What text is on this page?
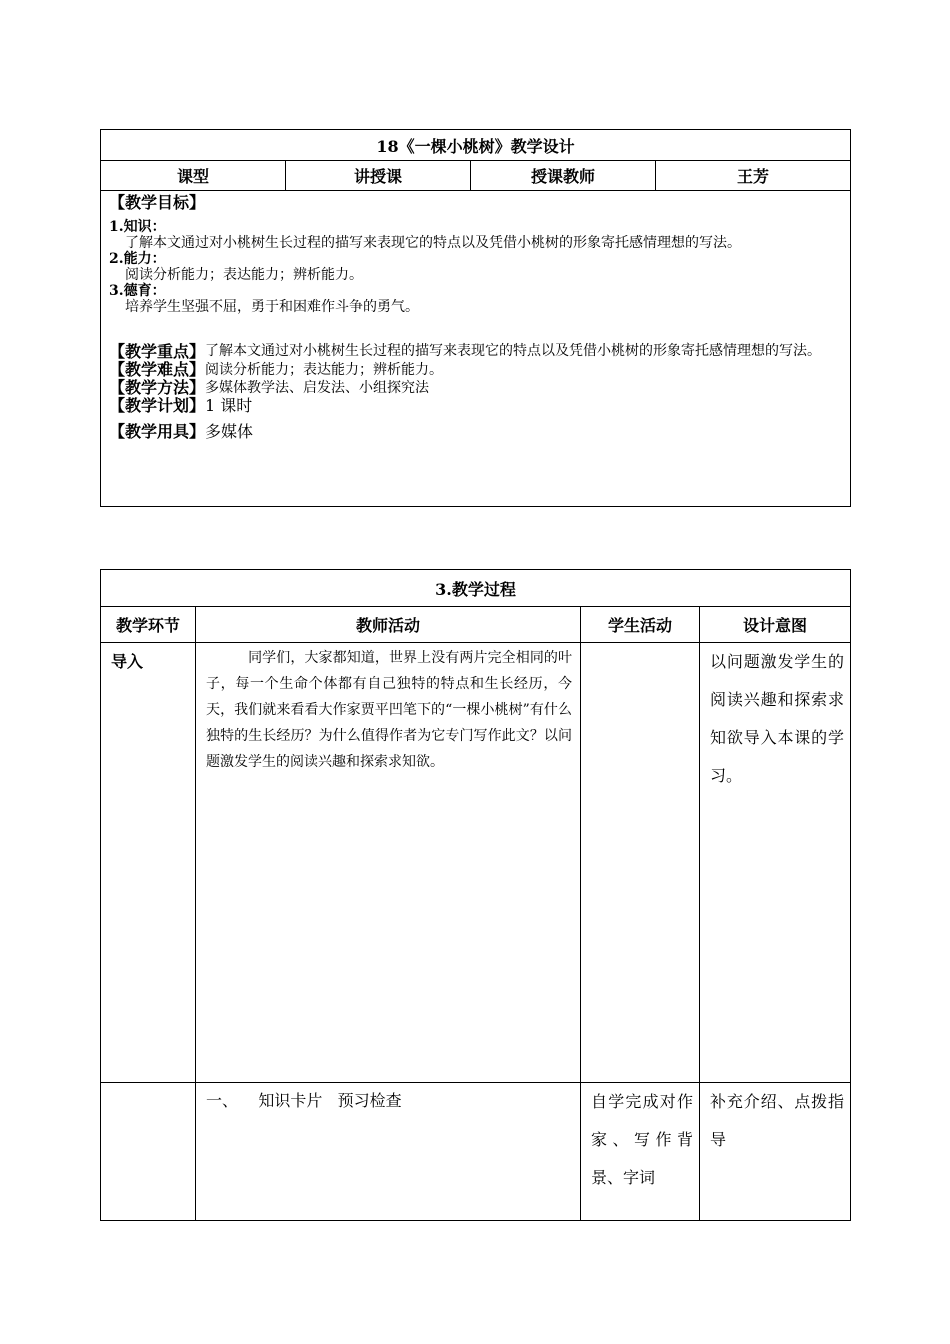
18《一棵小桃树》教学设计
课型	讲授课	授课教师	王芳

【教学目标】
1.知识：
了解本文通过对小桃树生长过程的描写来表现它的特点以及凭借小桃树的形象寄托感情理想的写法。
2.能力：
阅读分析能力；表达能力；辨析能力。
3.德育：
培养学生坚强不屈，勇于和困难作斗争的勇气。
【教学重点】 了解本文通过对小桃树生长过程的描写来表现它的特点以及凭借小桃树的形象寄托感情理想的写法。
【教学难点】 阅读分析能力；表达能力；辨析能力。
【教学方法】 多媒体教学法、启发法、小组探究法
【教学计划】 1 课时
【教学用具】 多媒体
3.教学过程			
教学环节	教师活动	学生活动	设计意图

导入	同学们，大家都知道，世界上没有两片完全相同的叶子，每一个生命个体都有自己独特的特点和生长经历，今天，我们就来看看大作家贾平凹笔下的“一棵小桃树”有什么独特的生长经历？为什么值得作者为它专门写作此文？以问题激发学生的阅读兴趣和探索求知欲。		以问题激发学生的阅读兴趣和探索求知欲导入本课的学习。

	一、    知识卡片   预习检查	自学完成对作家、写作背景、字词	补充介绍、点拨指导
